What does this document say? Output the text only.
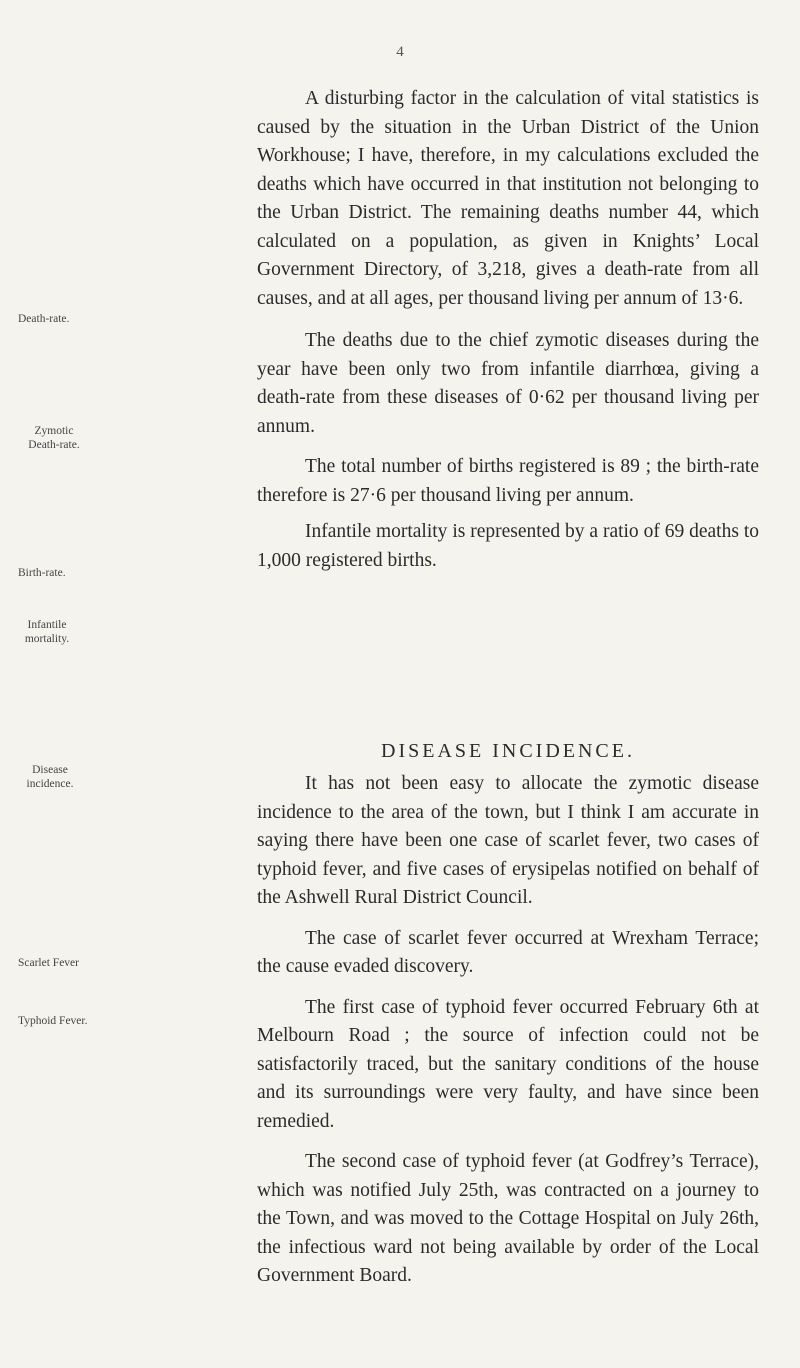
4
Death-rate.
Zymotic
Death-rate.
Birth-rate.
Infantile
mortality.
Disease
incidence.
Scarlet Fever
Typhoid Fever.

A disturbing factor in the calculation of vital statistics is caused by the situation in the Urban District of the Union Workhouse; I have, therefore, in my calculations excluded the deaths which have occurred in that institution not belonging to the Urban District. The remaining deaths number 44, which calculated on a population, as given in Knights’ Local Government Directory, of 3,218, gives a death-rate from all causes, and at all ages, per thousand living per annum of 13·6.

The deaths due to the chief zymotic diseases during the year have been only two from infantile diarrhœa, giving a death-rate from these diseases of 0·62 per thousand living per annum.

The total number of births registered is 89 ; the birth-rate therefore is 27·6 per thousand living per annum.

Infantile mortality is represented by a ratio of 69 deaths to 1,000 registered births.

DISEASE INCIDENCE.

It has not been easy to allocate the zymotic disease incidence to the area of the town, but I think I am accurate in saying there have been one case of scarlet fever, two cases of typhoid fever, and five cases of erysipelas notified on behalf of the Ashwell Rural District Council.

The case of scarlet fever occurred at Wrexham Terrace; the cause evaded discovery.

The first case of typhoid fever occurred February 6th at Melbourn Road ; the source of infection could not be satisfactorily traced, but the sanitary conditions of the house and its surroundings were very faulty, and have since been remedied.

The second case of typhoid fever (at Godfrey’s Terrace), which was notified July 25th, was contracted on a journey to the Town, and was moved to the Cottage Hospital on July 26th, the infectious ward not being available by order of the Local Government Board.
